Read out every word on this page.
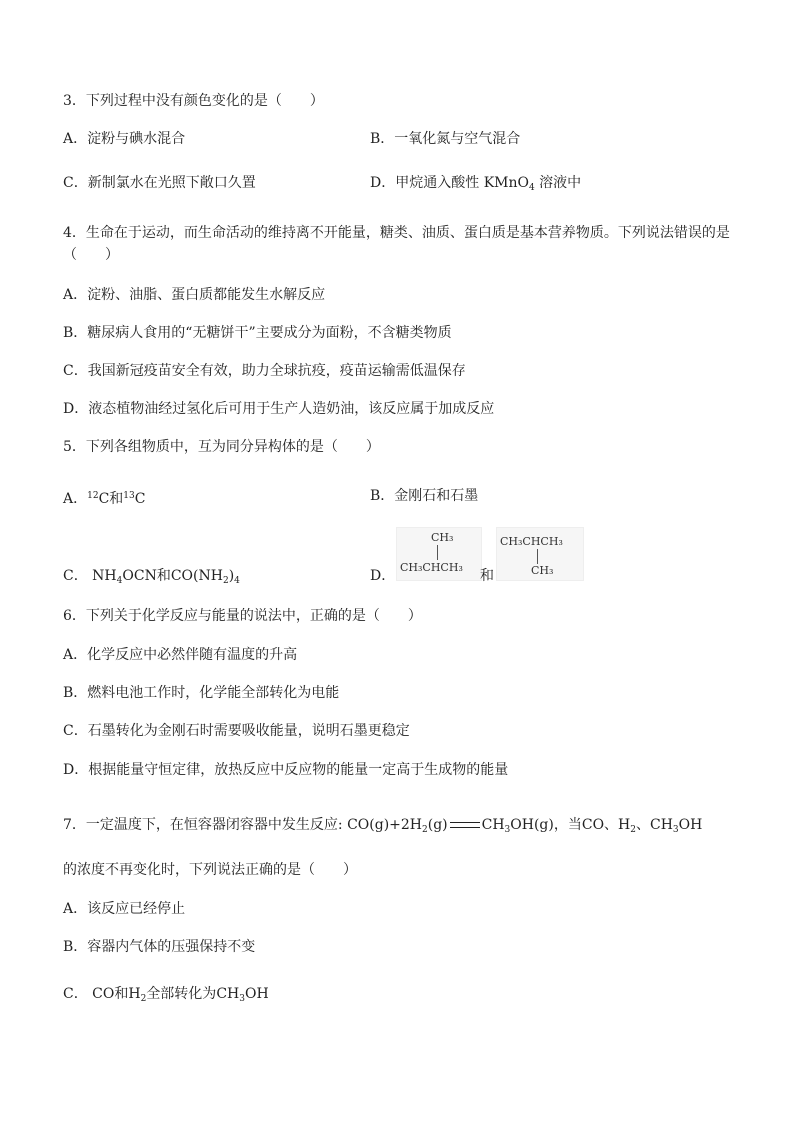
3．下列过程中没有颜色变化的是（　　）
A．淀粉与碘水混合	B．一氧化氮与空气混合
C．新制氯水在光照下敞口久置	D．甲烷通入酸性 KMnO$_4$ 溶液中
4．生命在于运动，而生命活动的维持离不开能量，糖类、油质、蛋白质是基本营养物质。下列说法错误的是（　　）
A．淀粉、油脂、蛋白质都能发生水解反应
B．糖尿病人食用的“无糖饼干”主要成分为面粉，不含糖类物质
C．我国新冠疫苗安全有效，助力全球抗疫，疫苗运输需低温保存
D．液态植物油经过氢化后可用于生产人造奶油，该反应属于加成反应
5．下列各组物质中，互为同分异构体的是（　　）
A．$^{12}$C和$^{13}$C	B．金刚石和石墨
C． $NH_4OCN$和$CO(NH_2)_4$	D．
CH₃
CH₃CHCH₃
和
CH₃CHCH₃
CH₃
6．下列关于化学反应与能量的说法中，正确的是（　　）
A．化学反应中必然伴随有温度的升高
B．燃料电池工作时，化学能全部转化为电能
C．石墨转化为金刚石时需要吸收能量，说明石墨更稳定
D．根据能量守恒定律，放热反应中反应物的能量一定高于生成物的能量
7．一定温度下，在恒容器闭容器中发生反应: $CO(g)+2H_2(g)$ $CH_3OH(g)$，当CO、$H_2$、$CH_3OH$
的浓度不再变化时，下列说法正确的是（　　）
A．该反应已经停止
B．容器内气体的压强保持不变
C． CO和$H_2$全部转化为$CH_3OH$
